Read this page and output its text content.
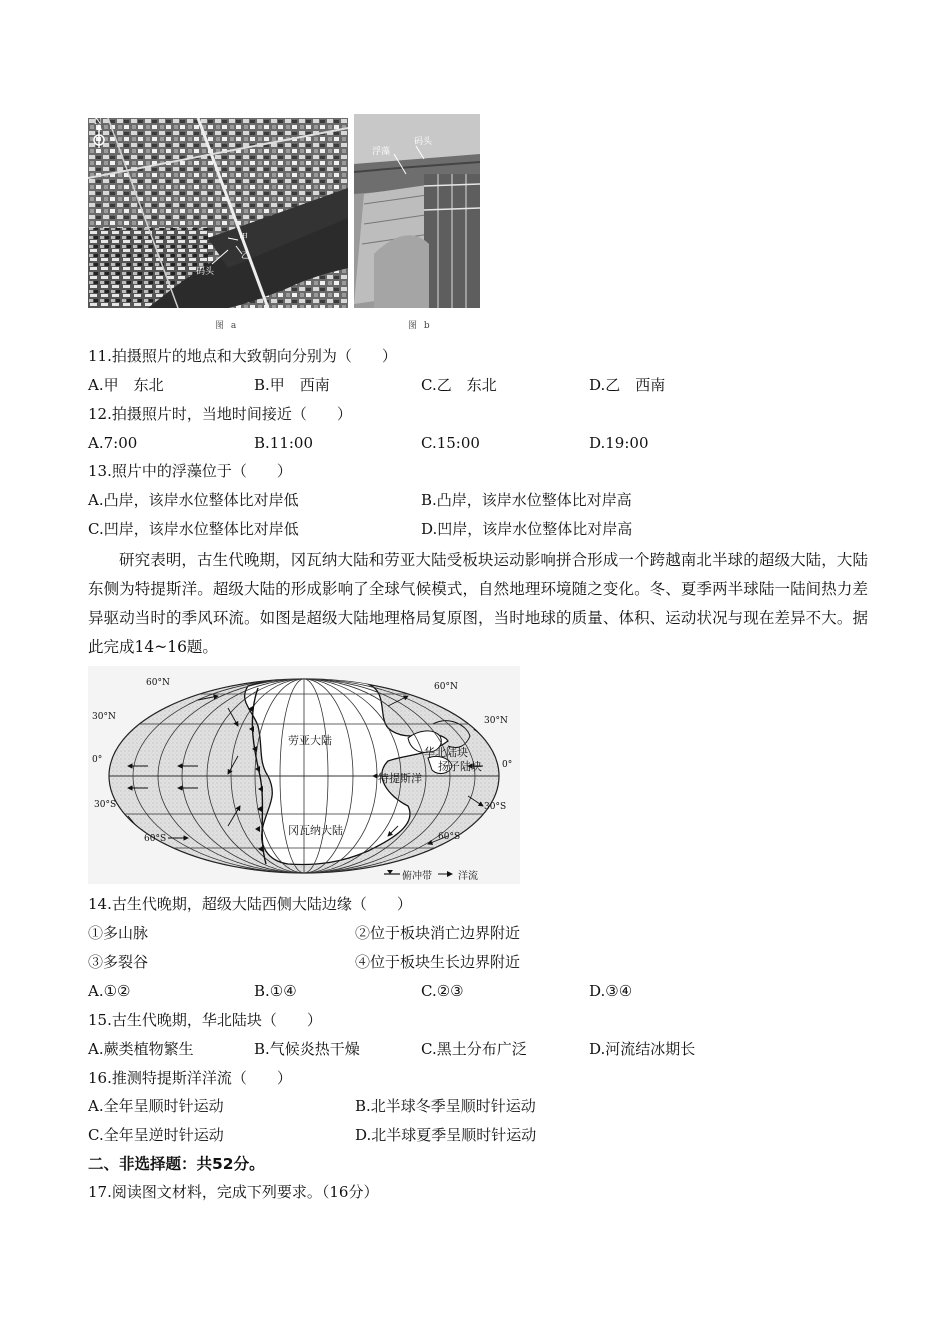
N
甲
乙
码头
图 a
浮藻
码头
图 b
11.拍摄照片的地点和大致朝向分别为（　　）
A.甲　东北	B.甲　西南	C.乙　东北	D.乙　西南
12.拍摄照片时，当地时间接近（　　）
A.7:00	B.11:00	C.15:00	D.19:00
13.照片中的浮藻位于（　　）
A.凸岸，该岸水位整体比对岸低	B.凸岸，该岸水位整体比对岸高
C.凹岸，该岸水位整体比对岸低	D.凹岸，该岸水位整体比对岸高

研究表明，古生代晚期，冈瓦纳大陆和劳亚大陆受板块运动影响拼合形成一个跨越南北半球的超级大陆，大陆东侧为特提斯洋。超级大陆的形成影响了全球气候模式，自然地理环境随之变化。冬、夏季两半球陆一陆间热力差异驱动当时的季风环流。如图是超级大陆地理格局复原图，当时地球的质量、体积、运动状况与现在差异不大。据此完成14~16题。

60°N	60°N
30°N	30°N
0°	0°
30°S	30°S
60°S	60°S
劳亚大陆
冈瓦纳大陆
华北陆块
扬子陆块
特提斯洋
俯冲带	洋流
14.古生代晚期，超级大陆西侧大陆边缘（　　）
①多山脉	②位于板块消亡边界附近
③多裂谷	④位于板块生长边界附近
A.①②	B.①④	C.②③	D.③④
15.古生代晚期，华北陆块（　　）
A.蕨类植物繁生	B.气候炎热干燥	C.黑土分布广泛	D.河流结冰期长
16.推测特提斯洋洋流（　　）
A.全年呈顺时针运动	B.北半球冬季呈顺时针运动
C.全年呈逆时针运动	D.北半球夏季呈顺时针运动
二、非选择题：共52分。
17.阅读图文材料，完成下列要求。（16分）
